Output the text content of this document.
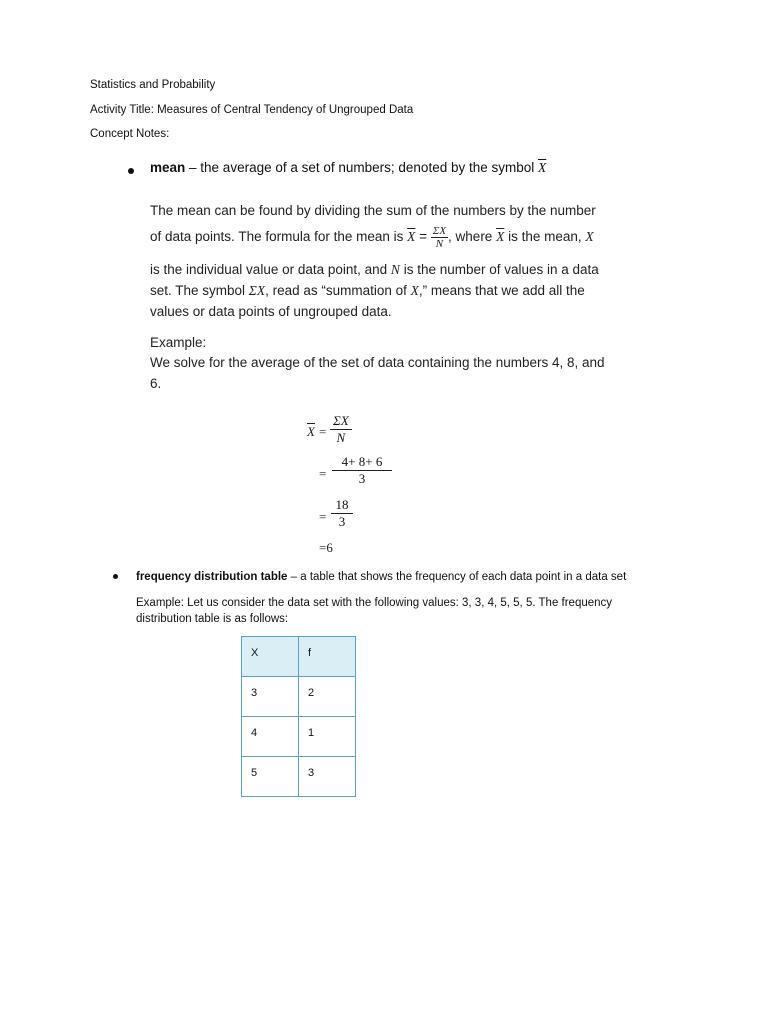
Statistics and Probability
Activity Title: Measures of Central Tendency of Ungrouped Data
Concept Notes:
mean – the average of a set of numbers; denoted by the symbol $\overline{X}$
The mean can be found by dividing the sum of the numbers by the number
of data points. The formula for the mean is $\overline{X} = \frac{\Sigma X}{N}$ , where $\overline{X}$ is the mean, X
is the individual value or data point, and N is the number of values in a data
set. The symbol ΣX, read as “summation of X,” means that we add all the
values or data points of ungrouped data.
Example:
We solve for the average of the set of data containing the numbers 4, 8, and
6.
$\overline{X}$ =
ΣX
N
=
4+ 8+ 6
3
=
18
3
=6
frequency distribution table – a table that shows the frequency of each data point in a data set
Example: Let us consider the data set with the following values: 3, 3, 4, 5, 5, 5. The frequency
distribution table is as follows:
X	f
3	2
4	1
5	3
